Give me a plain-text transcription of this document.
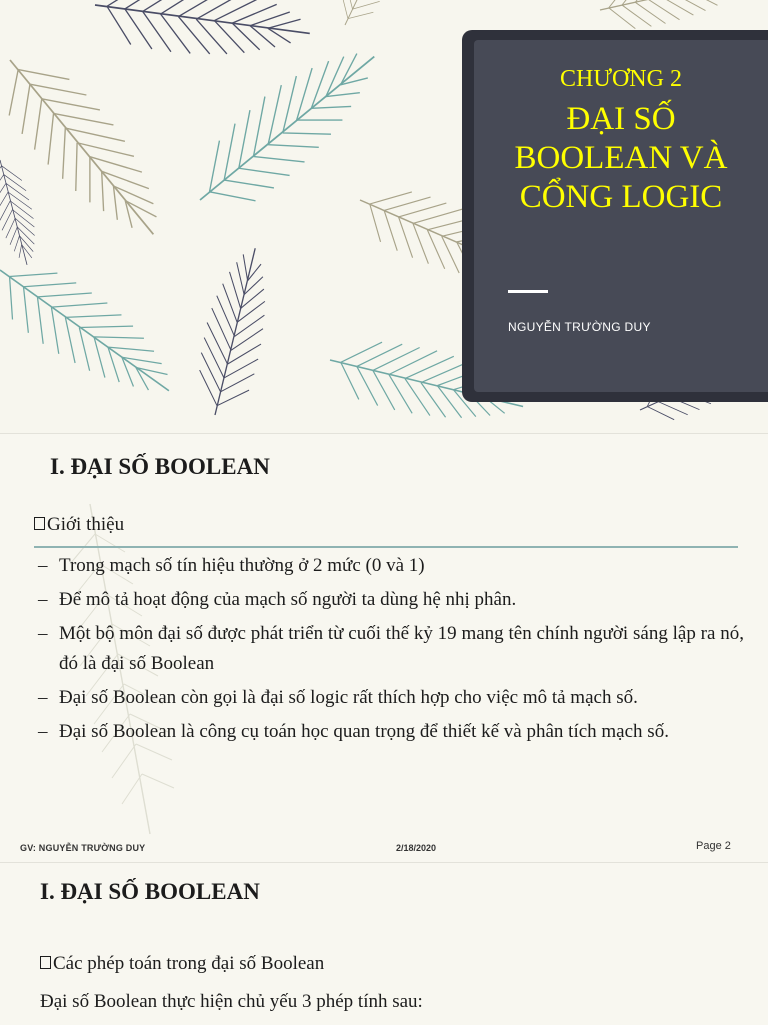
CHƯƠNG 2
ĐẠI SỐ
BOOLEAN VÀ
CỔNG LOGIC
NGUYỄN TRƯỜNG DUY
I. ĐẠI SỐ BOOLEAN
Giới thiệu
– Trong mạch số tín hiệu thường ở 2 mức (0 và 1)
– Để mô tả hoạt động của mạch số người ta dùng hệ nhị phân.
– Một bộ môn đại số được phát triển từ cuối thế kỷ 19 mang tên chính người sáng lập ra nó, đó là đại số Boolean
– Đại số Boolean còn gọi là đại số logic rất thích hợp cho việc mô tả mạch số.
– Đại số Boolean là công cụ toán học quan trọng để thiết kế và phân tích mạch số.
GV: NGUYỄN TRƯỜNG DUY	2/18/2020	Page 2
I. ĐẠI SỐ BOOLEAN
Các phép toán trong đại số Boolean
Đại số Boolean thực hiện chủ yếu 3 phép tính sau:
